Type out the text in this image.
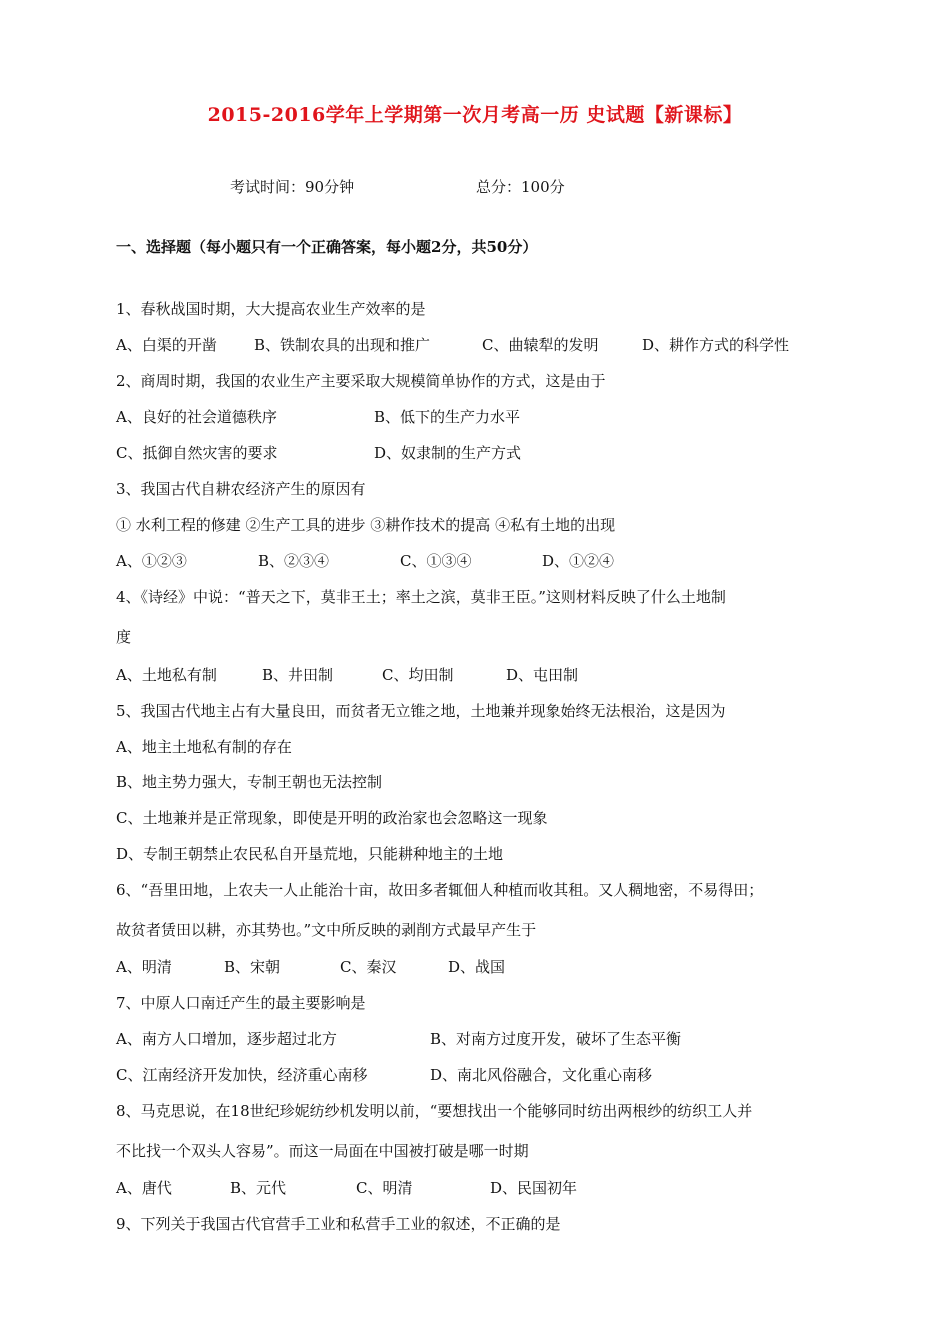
2015-2016学年上学期第一次月考高一历 史试题【新课标】
考试时间：90分钟	总分：100分
一、选择题（每小题只有一个正确答案，每小题2分，共50分）
1、春秋战国时期，大大提高农业生产效率的是
A、白渠的开凿 B、铁制农具的出现和推广	C、曲辕犁的发明	D、耕作方式的科学性
2、商周时期，我国的农业生产主要采取大规模简单协作的方式，这是由于
A、良好的社会道德秩序	B、低下的生产力水平
C、抵御自然灾害的要求	D、奴隶制的生产方式
3、我国古代自耕农经济产生的原因有
① 水利工程的修建 ②生产工具的进步 ③耕作技术的提高 ④私有土地的出现
A、①②③	B、②③④	C、①③④	D、①②④
4、《诗经》中说：“普天之下，莫非王土；率土之滨，莫非王臣。”这则材料反映了什么土地制
度
A、土地私有制	B、井田制	C、均田制	D、屯田制
5、我国古代地主占有大量良田，而贫者无立锥之地，土地兼并现象始终无法根治，这是因为
A、地主土地私有制的存在
B、地主势力强大，专制王朝也无法控制
C、土地兼并是正常现象，即使是开明的政治家也会忽略这一现象
D、专制王朝禁止农民私自开垦荒地，只能耕种地主的土地
6、“吾里田地，上农夫一人止能治十亩，故田多者辄佃人种植而收其租。又人稠地密，不易得田；
故贫者赁田以耕，亦其势也。”文中所反映的剥削方式最早产生于
A、明清	B、宋朝	C、秦汉	D、战国
7、中原人口南迁产生的最主要影响是
A、南方人口增加，逐步超过北方	B、对南方过度开发，破坏了生态平衡
C、江南经济开发加快，经济重心南移	D、南北风俗融合，文化重心南移
8、马克思说，在18世纪珍妮纺纱机发明以前，“要想找出一个能够同时纺出两根纱的纺织工人并
不比找一个双头人容易”。而这一局面在中国被打破是哪一时期
A、唐代	B、元代	C、明清	D、民国初年
9、下列关于我国古代官营手工业和私营手工业的叙述，不正确的是
